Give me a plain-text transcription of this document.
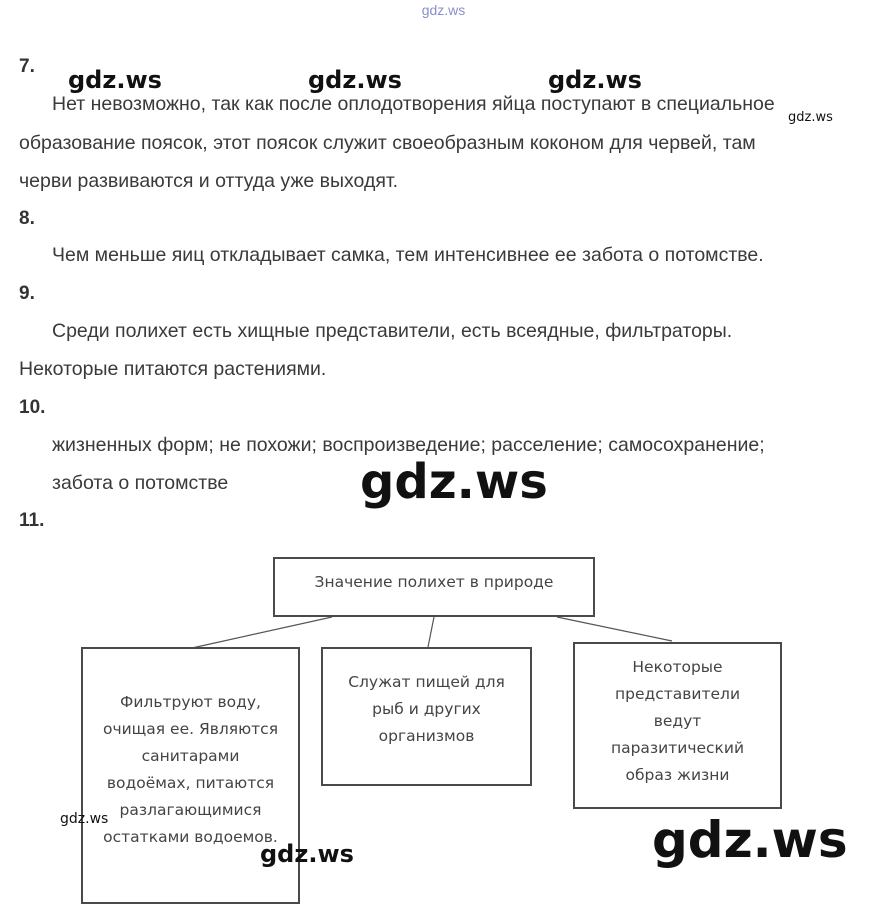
gdz.ws
7.
Нет невозможно, так как после оплодотворения яйца поступают в специальное
образование поясок, этот поясок служит своеобразным коконом для червей, там
черви развиваются и оттуда уже выходят.
8.
Чем меньше яиц откладывает самка, тем интенсивнее ее забота о потомстве.
9.
Среди полихет есть хищные представители, есть всеядные, фильтраторы.
Некоторые питаются растениями.
10.
жизненных форм; не похожи; воспроизведение; расселение; самосохранение;
забота о потомстве
11.
Значение полихет в природе
Фильтруют воду,
очищая ее. Являются
санитарами
водоёмах, питаются
разлагающимися
остатками водоемов.
Служат пищей для
рыб и других
организмов
Некоторые
представители
ведут
паразитический
образ жизни
gdz.ws	gdz.ws	gdz.ws
gdz.ws
gdz.ws
gdz.ws
gdz.ws	gdz.ws
